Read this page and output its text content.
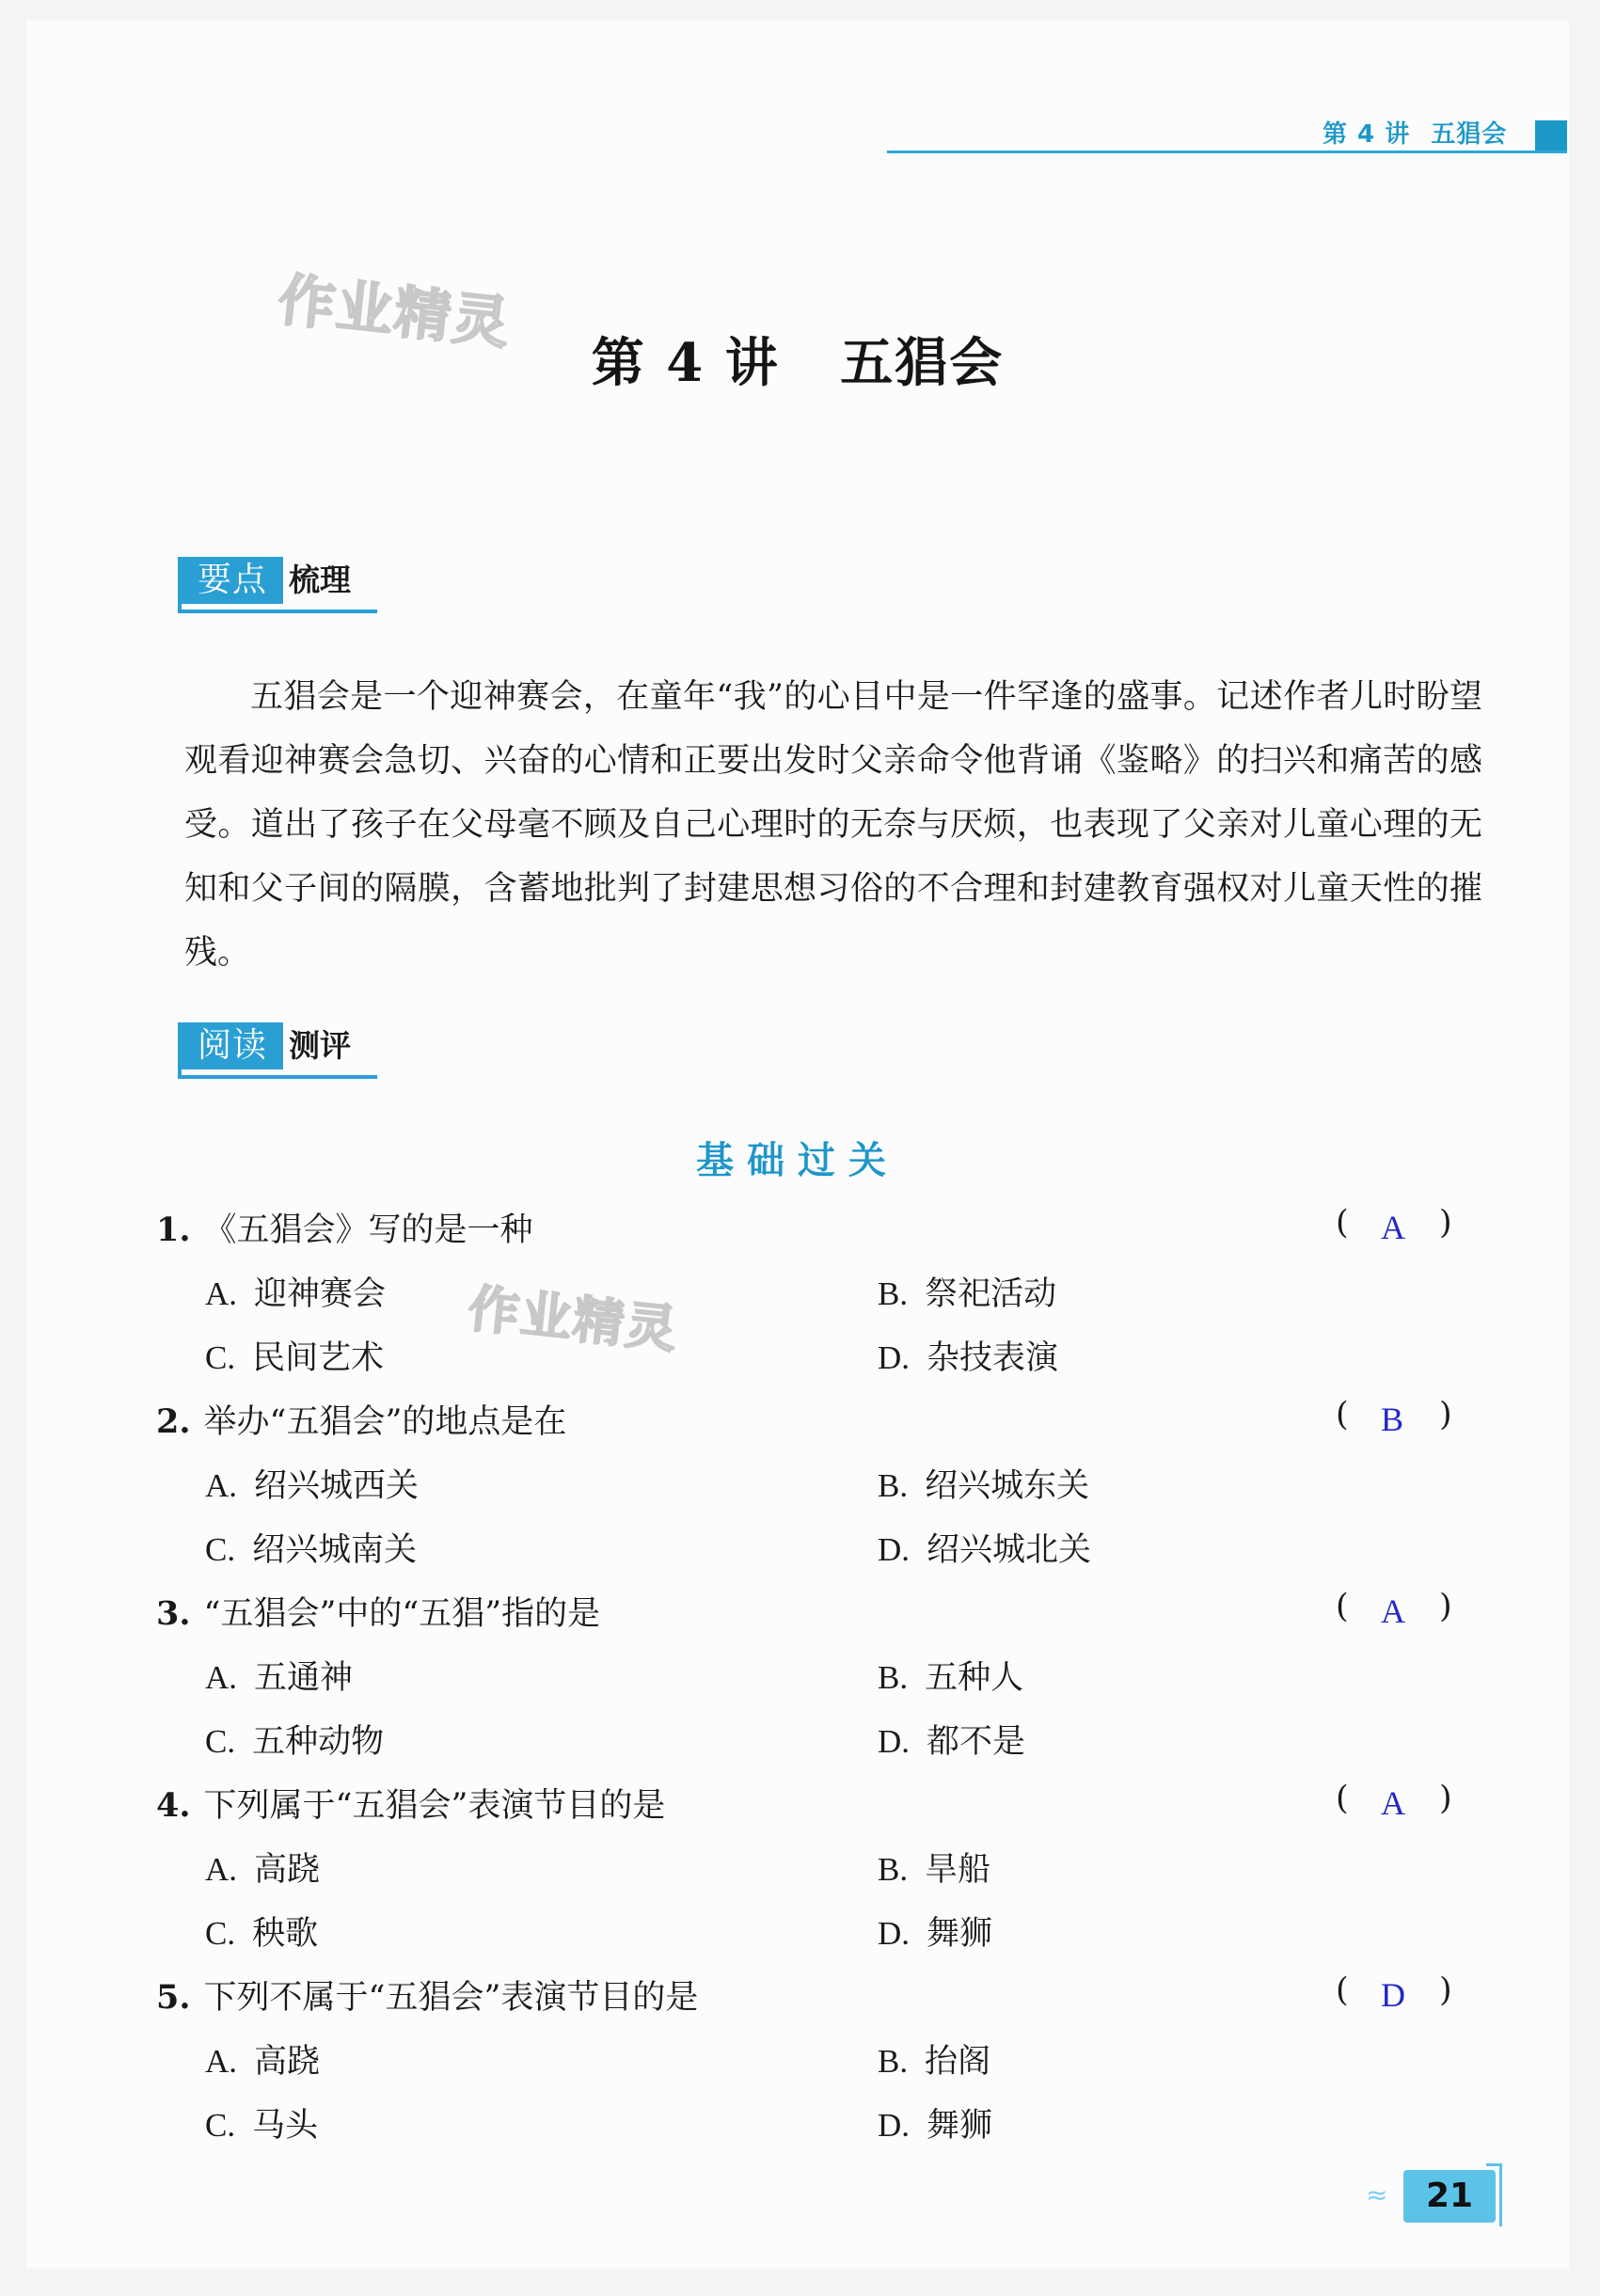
第 4 讲 五猖会
作业精灵
作业精灵
第 4 讲   五猖会
要点 梳理
五猖会是一个迎神赛会，在童年“我”的心目中是一件罕逢的盛事。记述作者儿时盼望观看迎神赛会急切、兴奋的心情和正要出发时父亲命令他背诵《鉴略》的扫兴和痛苦的感受。道出了孩子在父母毫不顾及自己心理时的无奈与厌烦，也表现了父亲对儿童心理的无知和父子间的隔膜，含蓄地批判了封建思想习俗的不合理和封建教育强权对儿童天性的摧残。
阅读 测评
基础过关
1. 《五猖会》写的是一种	( A )
A. 迎神赛会	B. 祭祀活动
C. 民间艺术	D. 杂技表演
2. 举办“五猖会”的地点是在	( B )
A. 绍兴城西关	B. 绍兴城东关
C. 绍兴城南关	D. 绍兴城北关
3. “五猖会”中的“五猖”指的是	( A )
A. 五通神	B. 五种人
C. 五种动物	D. 都不是
4. 下列属于“五猖会”表演节目的是	( A )
A. 高跷	B. 旱船
C. 秧歌	D. 舞狮
5. 下列不属于“五猖会”表演节目的是	( D )
A. 高跷	B. 抬阁
C. 马头	D. 舞狮
≈	21
